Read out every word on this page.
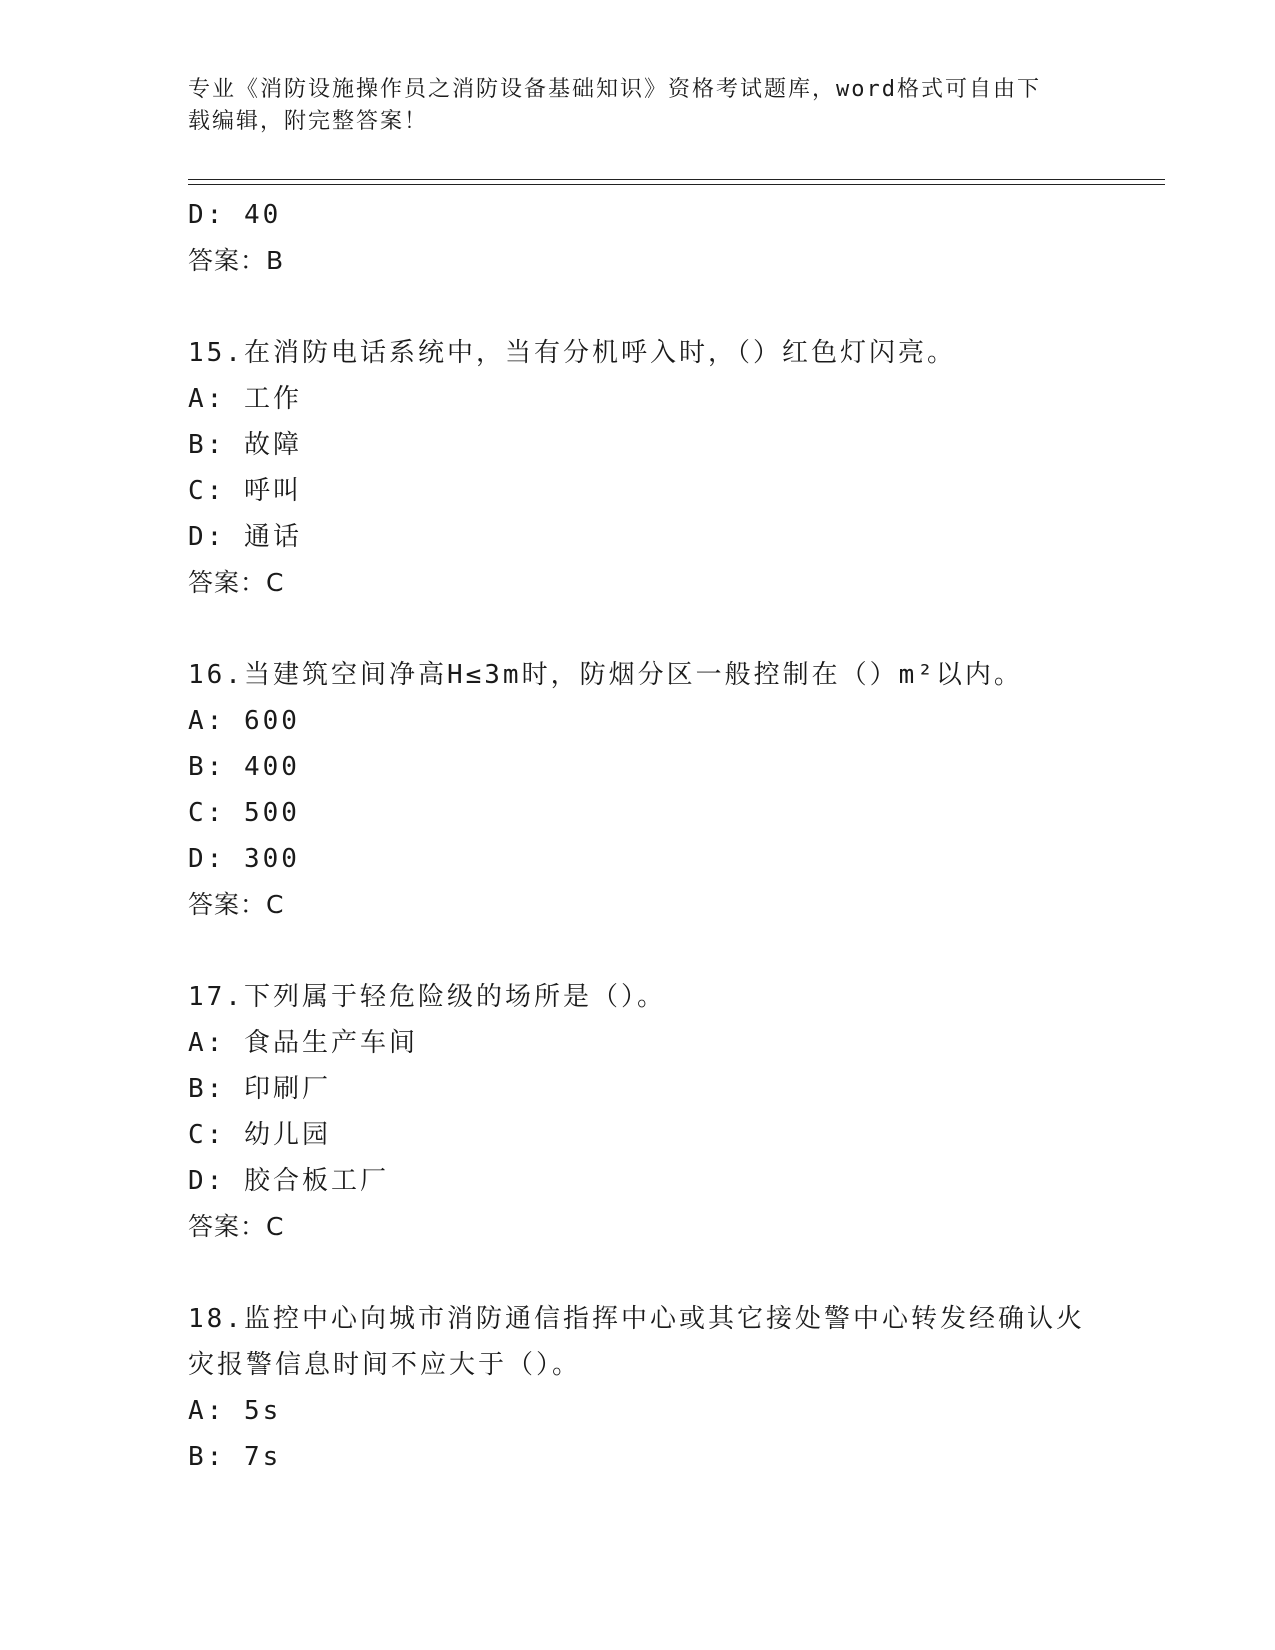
专业《消防设施操作员之消防设备基础知识》资格考试题库，word格式可自由下
载编辑，附完整答案！
D: 40
答案：B
15.在消防电话系统中，当有分机呼入时，（）红色灯闪亮。
A: 工作
B: 故障
C: 呼叫
D: 通话
答案：C
16.当建筑空间净高H≤3m时，防烟分区一般控制在（）m²以内。
A: 600
B: 400
C: 500
D: 300
答案：C
17.下列属于轻危险级的场所是（）。
A: 食品生产车间
B: 印刷厂
C: 幼儿园
D: 胶合板工厂
答案：C
18.监控中心向城市消防通信指挥中心或其它接处警中心转发经确认火
灾报警信息时间不应大于（）。
A: 5s
B: 7s
